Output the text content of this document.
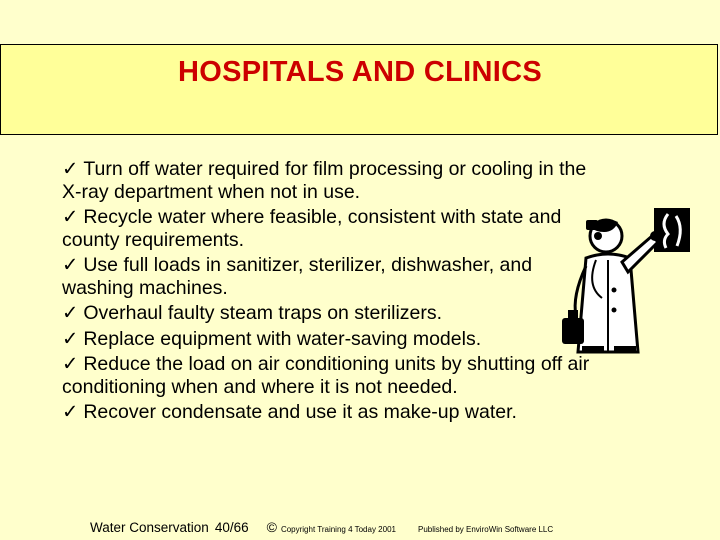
HOSPITALS AND CLINICS
✓ Turn off water required for film processing or cooling in the X-ray department when not in use.
✓ Recycle water where feasible, consistent with state and county requirements.
✓ Use full loads in sanitizer, sterilizer, dishwasher, and washing machines.
✓ Overhaul faulty steam traps on sterilizers.
✓ Replace equipment with water-saving models.
✓ Reduce the load on air conditioning units by shutting off air conditioning when and where it is not needed.
✓ Recover condensate and use it as make-up water.
Water Conservation 40/66 © Copyright Training 4 Today 2001	Published by EnviroWin Software LLC
